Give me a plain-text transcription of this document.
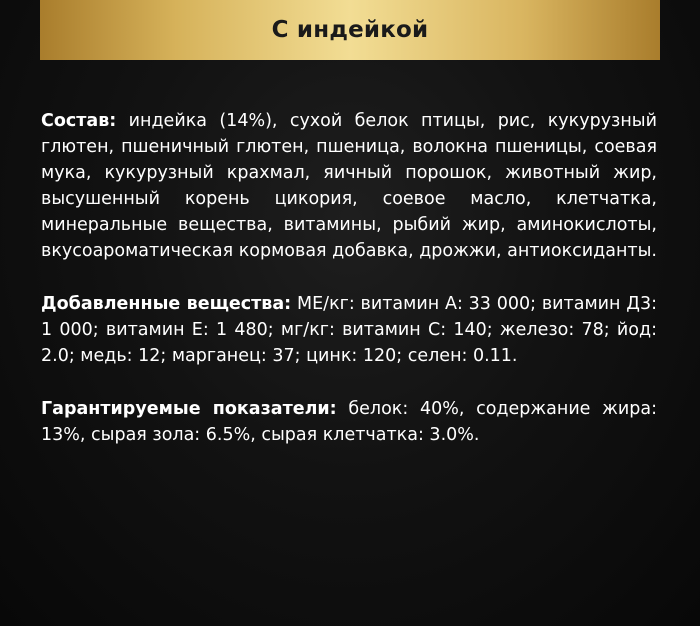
С индейкой

Состав: индейка (14%), сухой белок птицы, рис, кукурузный глютен, пшеничный глютен, пшеница, волокна пшеницы, соевая мука, кукурузный крахмал, яичный порошок, животный жир, высушенный корень цикория, соевое масло, клетчатка, минеральные вещества, витамины, рыбий жир, аминокислоты, вкусоароматическая кормовая добавка, дрожжи, антиоксиданты.

Добавленные вещества: МЕ/кг: витамин А: 33 000; витамин Д3: 1 000; витамин Е: 1 480; мг/кг: витамин С: 140; железо: 78; йод: 2.0; медь: 12; марганец: 37; цинк: 120; селен: 0.11.

Гарантируемые показатели: белок: 40%, содержание жира: 13%, сырая зола: 6.5%, сырая клетчатка: 3.0%.
